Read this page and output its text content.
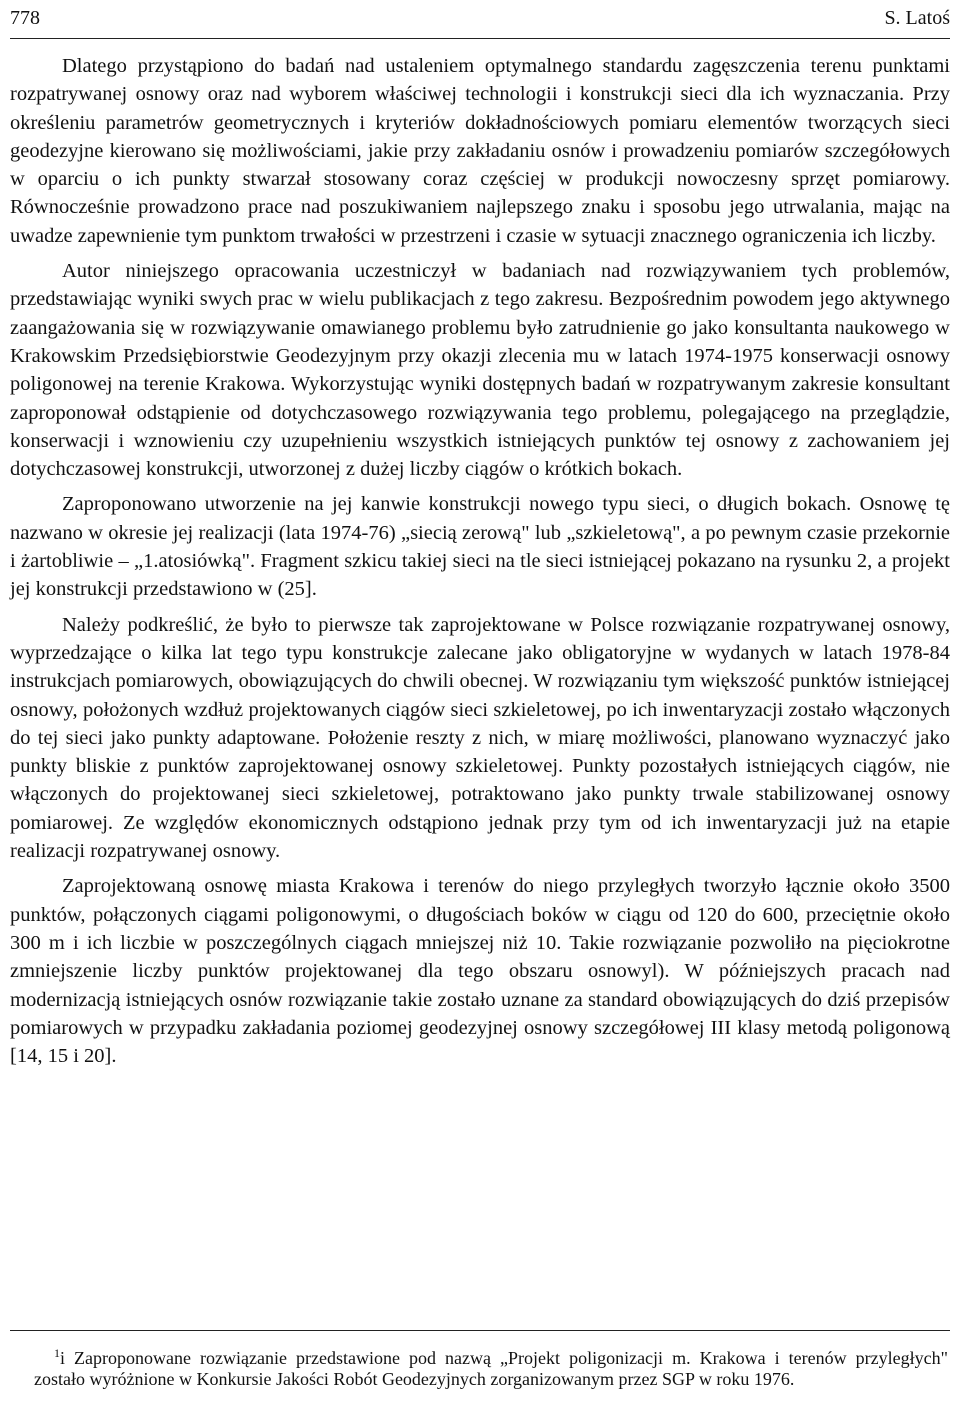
778	S. Latoś

Dlatego przystąpiono do badań nad ustaleniem optymalnego standardu zagęszczenia terenu punktami rozpatrywanej osnowy oraz nad wyborem właściwej technologii i konstrukcji sieci dla ich wyznaczania. Przy określeniu parametrów geometrycznych i kryteriów dokładnościowych pomiaru elementów tworzących sieci geodezyjne kierowano się możliwościami, jakie przy zakładaniu osnów i prowadzeniu pomiarów szczegółowych w oparciu o ich punkty stwarzał stosowany coraz częściej w produkcji nowoczesny sprzęt pomiarowy. Równocześnie prowadzono prace nad poszukiwaniem najlepszego znaku i sposobu jego utrwalania, mając na uwadze zapewnienie tym punktom trwałości w przestrzeni i czasie w sytuacji znacznego ograniczenia ich liczby.

Autor niniejszego opracowania uczestniczył w badaniach nad rozwiązywaniem tych problemów, przedstawiając wyniki swych prac w wielu publikacjach z tego zakresu. Bezpośrednim powodem jego aktywnego zaangażowania się w rozwiązywanie omawianego problemu było zatrudnienie go jako konsultanta naukowego w Krakowskim Przedsiębiorstwie Geodezyjnym przy okazji zlecenia mu w latach 1974-1975 konserwacji osnowy poligonowej na terenie Krakowa. Wykorzystując wyniki dostępnych badań w rozpatrywanym zakresie konsultant zaproponował odstąpienie od dotychczasowego rozwiązywania tego problemu, polegającego na przeglądzie, konserwacji i wznowieniu czy uzupełnieniu wszystkich istniejących punktów tej osnowy z zachowaniem jej dotychczasowej konstrukcji, utworzonej z dużej liczby ciągów o krótkich bokach.

Zaproponowano utworzenie na jej kanwie konstrukcji nowego typu sieci, o długich bokach. Osnowę tę nazwano w okresie jej realizacji (lata 1974-76) „siecią zerową" lub „szkieletową", a po pewnym czasie przekornie i żartobliwie – „1.atosiówką". Fragment szkicu takiej sieci na tle sieci istniejącej pokazano na rysunku 2, a projekt jej konstrukcji przedstawiono w (25].

Należy podkreślić, że było to pierwsze tak zaprojektowane w Polsce rozwiązanie rozpatrywanej osnowy, wyprzedzające o kilka lat tego typu konstrukcje zalecane jako obligatoryjne w wydanych w latach 1978-84 instrukcjach pomiarowych, obowiązujących do chwili obecnej. W rozwiązaniu tym większość punktów istniejącej osnowy, położonych wzdłuż projektowanych ciągów sieci szkieletowej, po ich inwentaryzacji zostało włączonych do tej sieci jako punkty adaptowane. Położenie reszty z nich, w miarę możliwości, planowano wyznaczyć jako punkty bliskie z punktów zaprojektowanej osnowy szkieletowej. Punkty pozostałych istniejących ciągów, nie włączonych do projektowanej sieci szkieletowej, potraktowano jako punkty trwale stabilizowanej osnowy pomiarowej. Ze względów ekonomicznych odstąpiono jednak przy tym od ich inwentaryzacji już na etapie realizacji rozpatrywanej osnowy.

Zaprojektowaną osnowę miasta Krakowa i terenów do niego przyległych tworzyło łącznie około 3500 punktów, połączonych ciągami poligonowymi, o długościach boków w ciągu od 120 do 600, przeciętnie około 300 m i ich liczbie w poszczególnych ciągach mniejszej niż 10. Takie rozwiązanie pozwoliło na pięciokrotne zmniejszenie liczby punktów projektowanej dla tego obszaru osnowyl). W późniejszych pracach nad modernizacją istniejących osnów rozwiązanie takie zostało uznane za standard obowiązujących do dziś przepisów pomiarowych w przypadku zakładania poziomej geodezyjnej osnowy szczegółowej III klasy metodą poligonową [14, 15 i 20].

$^1$i Zaproponowane rozwiązanie przedstawione pod nazwą „Projekt poligonizacji m. Krakowa i terenów przyległych" zostało wyróżnione w Konkursie Jakości Robót Geodezyjnych zorganizowanym przez SGP w roku 1976.
